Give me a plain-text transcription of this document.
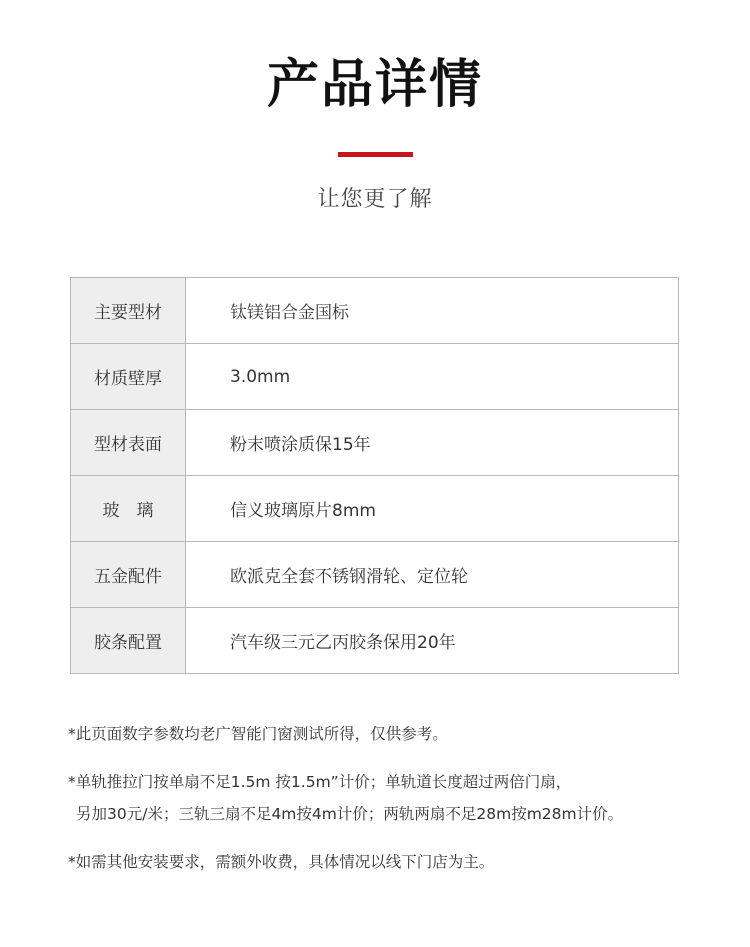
产品详情
让您更了解
主要型材	钛镁铝合金国标
材质壁厚	3.0mm
型材表面	粉末喷涂质保15年
玻　璃	信义玻璃原片8mm
五金配件	欧派克全套不锈钢滑轮、定位轮
胶条配置	汽车级三元乙丙胶条保用20年

*此页面数字参数均老广智能门窗测试所得，仅供参考。

*单轨推拉门按单扇不足1.5m 按1.5m”计价；单轨道长度超过两倍门扇，
另加30元/米；三轨三扇不足4m按4m计价；两轨两扇不足28m按m28m计价。

*如需其他安装要求，需额外收费，具体情况以线下门店为主。
